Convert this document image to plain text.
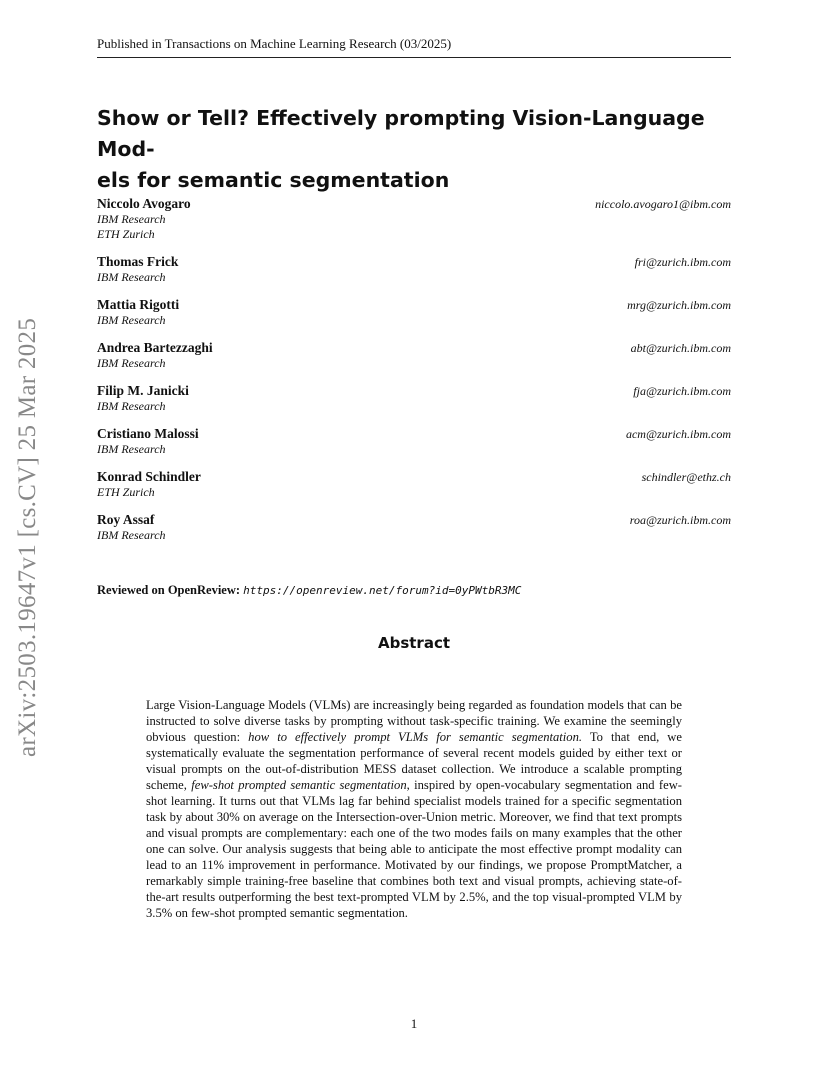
Published in Transactions on Machine Learning Research (03/2025)
Show or Tell? Effectively prompting Vision-Language Mod-
els for semantic segmentation
Niccolo Avogaro	niccolo.avogaro1@ibm.com
IBM Research
ETH Zurich
Thomas Frick	fri@zurich.ibm.com
IBM Research
Mattia Rigotti	mrg@zurich.ibm.com
IBM Research
Andrea Bartezzaghi	abt@zurich.ibm.com
IBM Research
Filip M. Janicki	fja@zurich.ibm.com
IBM Research
Cristiano Malossi	acm@zurich.ibm.com
IBM Research
Konrad Schindler	schindler@ethz.ch
ETH Zurich
Roy Assaf	roa@zurich.ibm.com
IBM Research
Reviewed on OpenReview: https://openreview.net/forum?id=0yPWtbR3MC
Abstract

Large Vision-Language Models (VLMs) are increasingly being regarded as foundation models that can be instructed to solve diverse tasks by prompting without task-specific training. We examine the seemingly obvious question: how to effectively prompt VLMs for semantic segmentation. To that end, we systematically evaluate the segmentation performance of several recent models guided by either text or visual prompts on the out-of-distribution MESS dataset collection. We introduce a scalable prompting scheme, few-shot prompted semantic segmentation, inspired by open-vocabulary segmentation and few-shot learning. It turns out that VLMs lag far behind specialist models trained for a specific segmentation task by about 30% on average on the Intersection-over-Union metric. Moreover, we find that text prompts and visual prompts are complementary: each one of the two modes fails on many examples that the other one can solve. Our analysis suggests that being able to anticipate the most effective prompt modality can lead to an 11% improvement in performance. Motivated by our findings, we propose PromptMatcher, a remarkably simple training-free baseline that combines both text and visual prompts, achieving state-of-the-art results outperforming the best text-prompted VLM by 2.5%, and the top visual-prompted VLM by 3.5% on few-shot prompted semantic segmentation.

1
arXiv:2503.19647v1 [cs.CV] 25 Mar 2025
